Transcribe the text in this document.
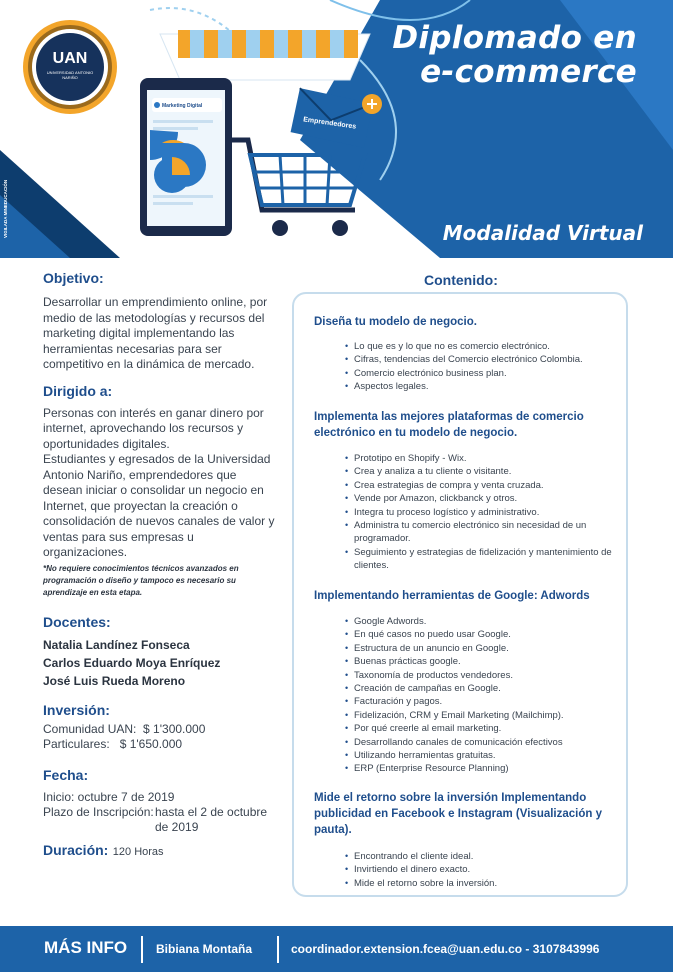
UAN
UNIVERSIDAD ANTONIO NARIÑO
Marketing Digital
Emprendedores
VIGILADA MINEDUCACIÓN
Diplomado en
e-commerce
Modalidad Virtual

Objetivo:

Desarrollar un emprendimiento online, por medio de las metodologías y recursos del marketing digital implementando las herramientas necesarias para ser competitivo en la dinámica de mercado.

Dirigido a:

Personas con interés en ganar dinero por internet, aprovechando los recursos y oportunidades digitales.

Estudiantes y egresados de la Universidad Antonio Nariño, emprendedores que desean iniciar o consolidar un negocio en Internet, que proyectan la creación o consolidación de nuevos canales de valor y ventas para sus empresas u organizaciones.

*No requiere conocimientos técnicos avanzados en programación o diseño y tampoco es necesario su aprendizaje en esta etapa.

Docentes:

Natalia Landínez Fonseca

Carlos Eduardo Moya Enríquez

José Luis Rueda Moreno

Inversión:

Comunidad UAN:  $ 1'300.000

Particulares:   $ 1'650.000

Fecha:

Inicio: octubre 7 de 2019

Plazo de Inscripción: hasta el 2 de octubre
de 2019
Duración: 120 Horas
Contenido:
Diseña tu modelo de negocio.
• Lo que es y lo que no es comercio electrónico.
• Cifras, tendencias del Comercio electrónico Colombia.
• Comercio electrónico business plan.
• Aspectos legales.
Implementa las mejores plataformas de comercio electrónico en tu modelo de negocio.
• Prototipo en Shopify - Wix.
• Crea y analiza a tu cliente o visitante.
• Crea estrategias de compra y venta cruzada.
• Vende por Amazon, clickbanck y otros.
• Integra tu proceso logístico y administrativo.
• Administra tu comercio electrónico sin necesidad de un programador.
• Seguimiento y estrategias de fidelización y mantenimiento de clientes.
Implementando herramientas de Google: Adwords
• Google Adwords.
• En qué casos no puedo usar Google.
• Estructura de un anuncio en Google.
• Buenas prácticas google.
• Taxonomía de productos vendedores.
• Creación de campañas en Google.
• Facturación y pagos.
• Fidelización, CRM y Email Marketing (Mailchimp).
• Por qué creerle al email marketing.
• Desarrollando canales de comunicación efectivos
• Utilizando herramientas gratuitas.
• ERP (Enterprise Resource Planning)
Mide el retorno sobre la inversión Implementando publicidad en Facebook e Instagram (Visualización y pauta).
• Encontrando el cliente ideal.
• Invirtiendo el dinero exacto.
• Mide el retorno sobre la inversión.
MÁS INFO Bibiana Montaña	coordinador.extension.fcea@uan.edu.co - 3107843996
